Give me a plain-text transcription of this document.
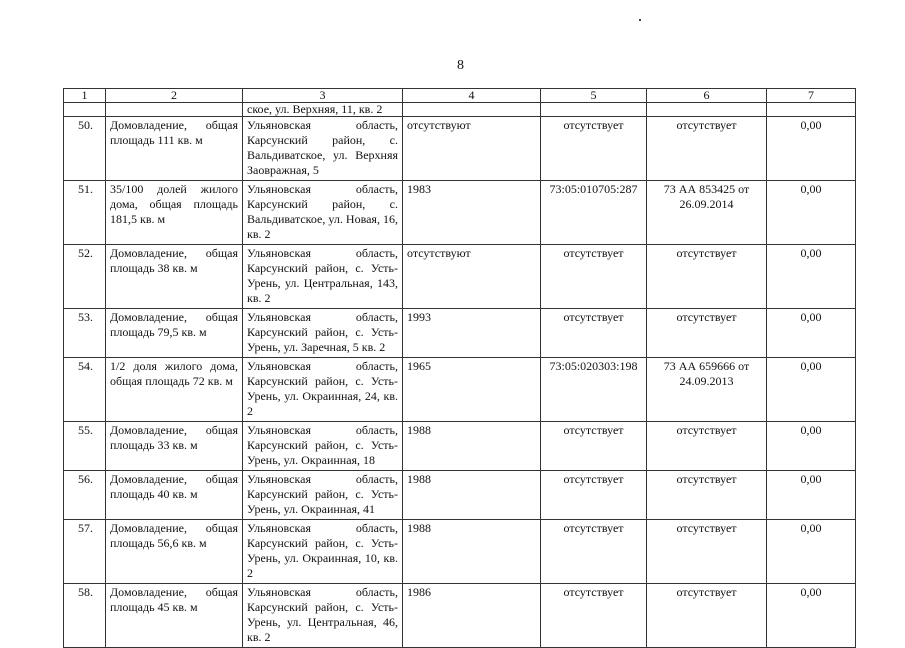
8
1	2	3	4	5	6	7
		ское, ул. Верхняя, 11, кв. 2				
50.	Домовладение, общая площадь 111 кв. м	Ульяновская область, Карсунский район, с. Вальдиватское, ул. Верхняя Заовражная, 5	отсутствуют	отсутствует	отсутствует	0,00
51.	35/100 долей жилого дома, общая площадь 181,5 кв. м	Ульяновская область, Карсунский район, с. Вальдиватское, ул. Новая, 16, кв. 2	1983	73:05:010705:287	73 АА 853425 от 26.09.2014	0,00
52.	Домовладение, общая площадь 38 кв. м	Ульяновская область, Карсунский район, с. Усть-Урень, ул. Центральная, 143, кв. 2	отсутствуют	отсутствует	отсутствует	0,00
53.	Домовладение, общая площадь 79,5 кв. м	Ульяновская область, Карсунский район, с. Усть-Урень, ул. Заречная, 5 кв. 2	1993	отсутствует	отсутствует	0,00
54.	1/2 доля жилого дома, общая площадь 72 кв. м	Ульяновская область, Карсунский район, с. Усть-Урень, ул. Окраинная, 24, кв. 2	1965	73:05:020303:198	73 АА 659666 от 24.09.2013	0,00
55.	Домовладение, общая площадь 33 кв. м	Ульяновская область, Карсунский район, с. Усть-Урень, ул. Окраинная, 18	1988	отсутствует	отсутствует	0,00
56.	Домовладение, общая площадь 40 кв. м	Ульяновская область, Карсунский район, с. Усть-Урень, ул. Окраинная, 41	1988	отсутствует	отсутствует	0,00
57.	Домовладение, общая площадь 56,6 кв. м	Ульяновская область, Карсунский район, с. Усть-Урень, ул. Окраинная, 10, кв. 2	1988	отсутствует	отсутствует	0,00
58.	Домовладение, общая площадь 45 кв. м	Ульяновская область, Карсунский район, с. Усть-Урень, ул. Центральная, 46, кв. 2	1986	отсутствует	отсутствует	0,00
